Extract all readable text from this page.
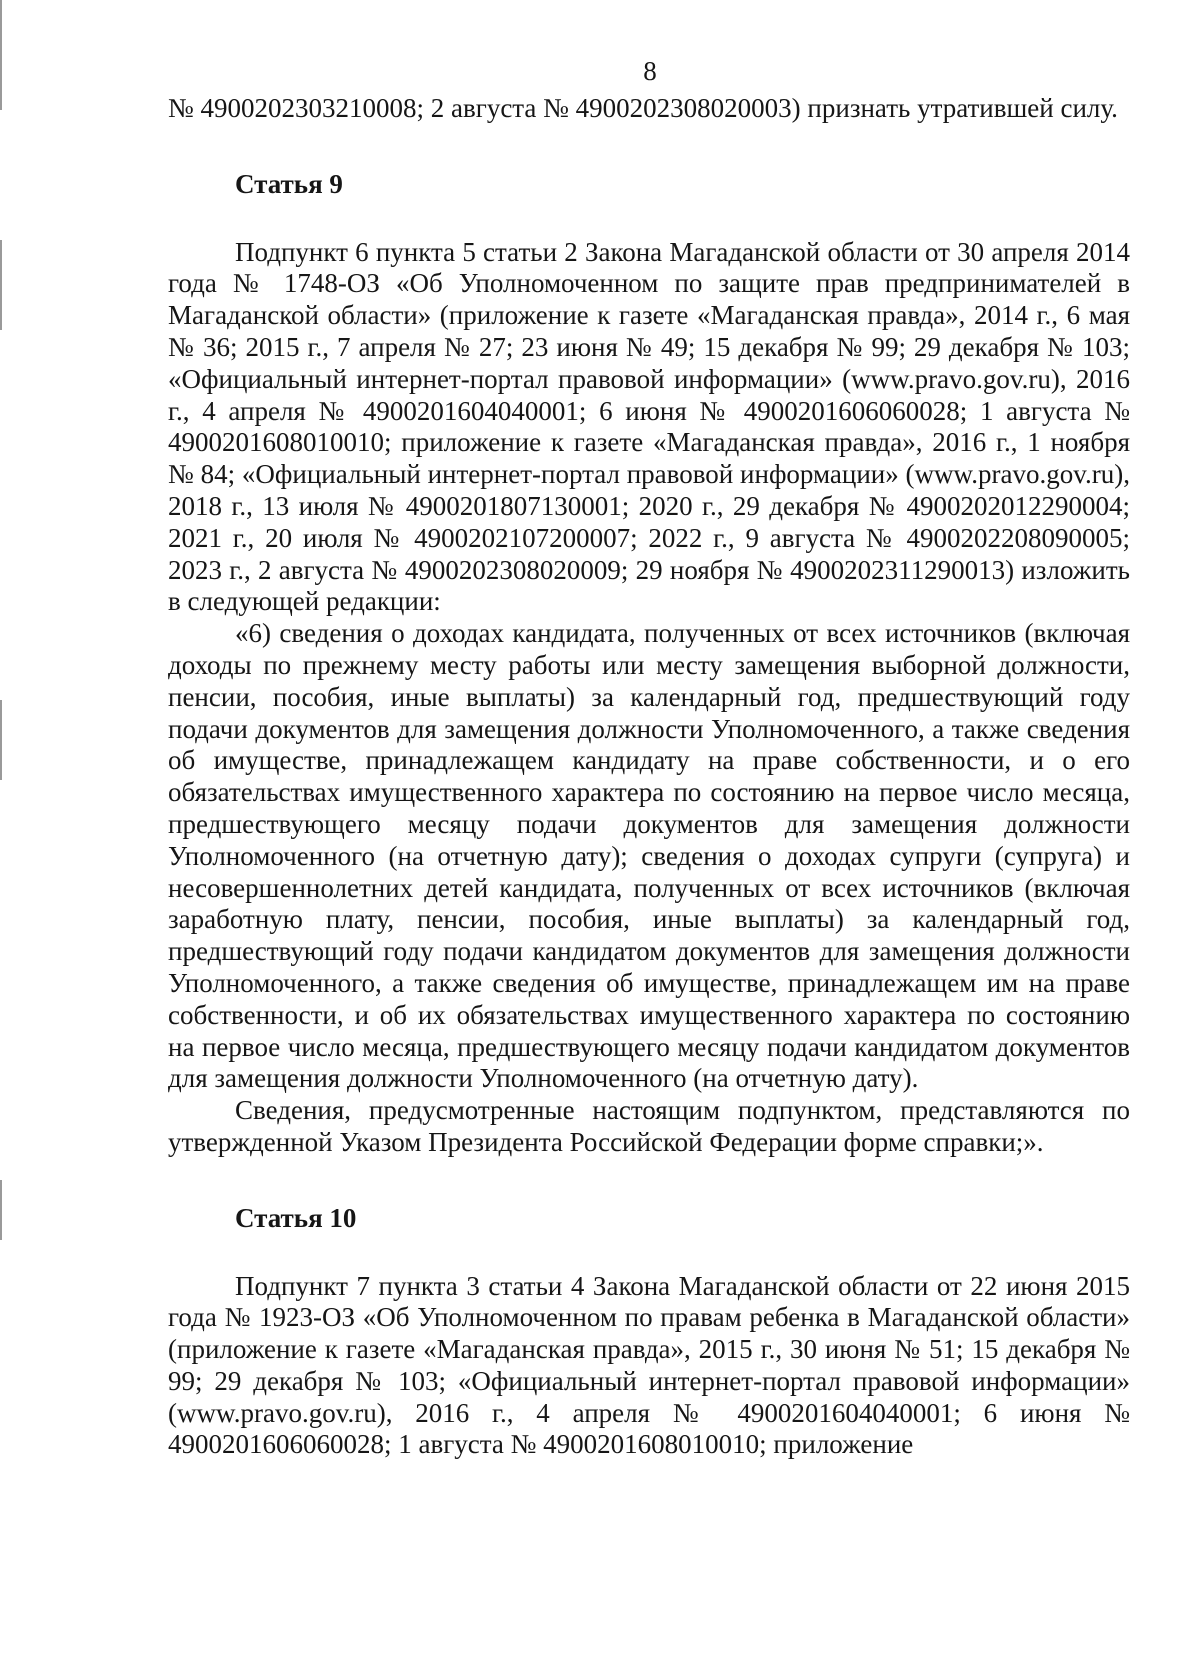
8

№ 4900202303210008; 2 августа № 4900202308020003) признать утратившей силу.

Статья 9

Подпункт 6 пункта 5 статьи 2 Закона Магаданской области от 30 апреля 2014 года № 1748-ОЗ «Об Уполномоченном по защите прав предпринимателей в Магаданской области» (приложение к газете «Магаданская правда», 2014 г., 6 мая № 36; 2015 г., 7 апреля № 27; 23 июня № 49; 15 декабря № 99; 29 декабря № 103; «Официальный интернет-портал правовой информации» (www.pravo.gov.ru), 2016 г., 4 апреля № 4900201604040001; 6 июня № 4900201606060028; 1 августа № 4900201608010010; приложение к газете «Магаданская правда», 2016 г., 1 ноября № 84; «Официальный интернет-портал правовой информации» (www.pravo.gov.ru), 2018 г., 13 июля № 4900201807130001; 2020 г., 29 декабря № 4900202012290004; 2021 г., 20 июля № 4900202107200007; 2022 г., 9 августа № 4900202208090005; 2023 г., 2 августа № 4900202308020009; 29 ноября № 4900202311290013) изложить в следующей редакции:

«6) сведения о доходах кандидата, полученных от всех источников (включая доходы по прежнему месту работы или месту замещения выборной должности, пенсии, пособия, иные выплаты) за календарный год, предшествующий году подачи документов для замещения должности Уполномоченного, а также сведения об имуществе, принадлежащем кандидату на праве собственности, и о его обязательствах имущественного характера по состоянию на первое число месяца, предшествующего месяцу подачи документов для замещения должности Уполномоченного (на отчетную дату); сведения о доходах супруги (супруга) и несовершеннолетних детей кандидата, полученных от всех источников (включая заработную плату, пенсии, пособия, иные выплаты) за календарный год, предшествующий году подачи кандидатом документов для замещения должности Уполномоченного, а также сведения об имуществе, принадлежащем им на праве собственности, и об их обязательствах имущественного характера по состоянию на первое число месяца, предшествующего месяцу подачи кандидатом документов для замещения должности Уполномоченного (на отчетную дату).

Сведения, предусмотренные настоящим подпунктом, представляются по утвержденной Указом Президента Российской Федерации форме справки;».

Статья 10

Подпункт 7 пункта 3 статьи 4 Закона Магаданской области от 22 июня 2015 года № 1923-ОЗ «Об Уполномоченном по правам ребенка в Магаданской области» (приложение к газете «Магаданская правда», 2015 г., 30 июня № 51; 15 декабря № 99; 29 декабря № 103; «Официальный интернет-портал правовой информации» (www.pravo.gov.ru), 2016 г., 4 апреля № 4900201604040001; 6 июня № 4900201606060028; 1 августа № 4900201608010010; приложение
